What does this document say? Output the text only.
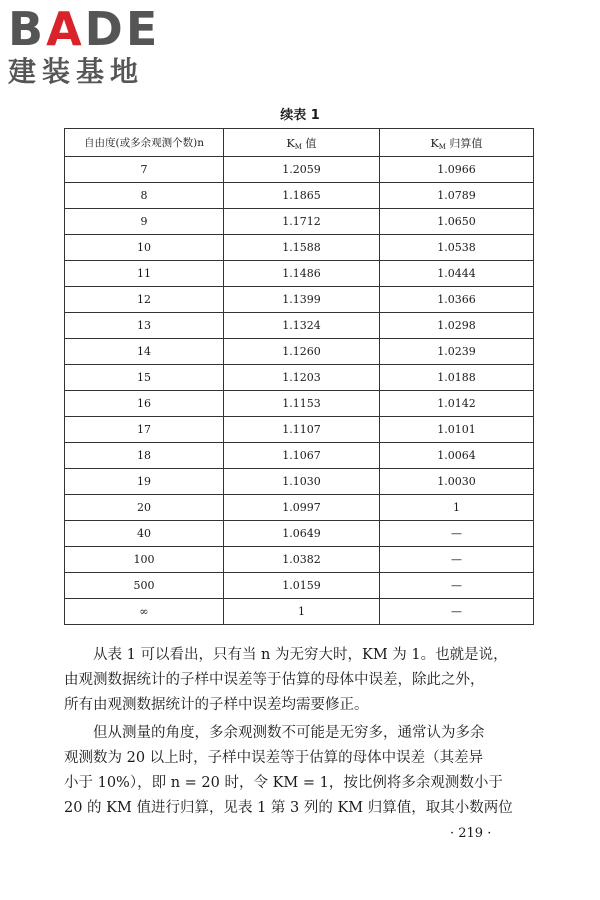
BADE
建装基地
续表 1
自由度(或多余观测个数)n	$K_M$ 值	$K_M$ 归算值
7	1.2059	1.0966
8	1.1865	1.0789
9	1.1712	1.0650
10	1.1588	1.0538
11	1.1486	1.0444
12	1.1399	1.0366
13	1.1324	1.0298
14	1.1260	1.0239
15	1.1203	1.0188
16	1.1153	1.0142
17	1.1107	1.0101
18	1.1067	1.0064
19	1.1030	1.0030
20	1.0997	1
40	1.0649	—
100	1.0382	—
500	1.0159	—
∞	1	—
从表 1 可以看出，只有当 n 为无穷大时，KM 为 1。也就是说，
由观测数据统计的子样中误差等于估算的母体中误差，除此之外，
所有由观测数据统计的子样中误差均需要修正。
但从测量的角度，多余观测数不可能是无穷多，通常认为多余
观测数为 20 以上时，子样中误差等于估算的母体中误差（其差异
小于 10%），即 n = 20 时，令 KM = 1，按比例将多余观测数小于
20 的 KM 值进行归算，见表 1 第 3 列的 KM 归算值，取其小数两位
· 219 ·
